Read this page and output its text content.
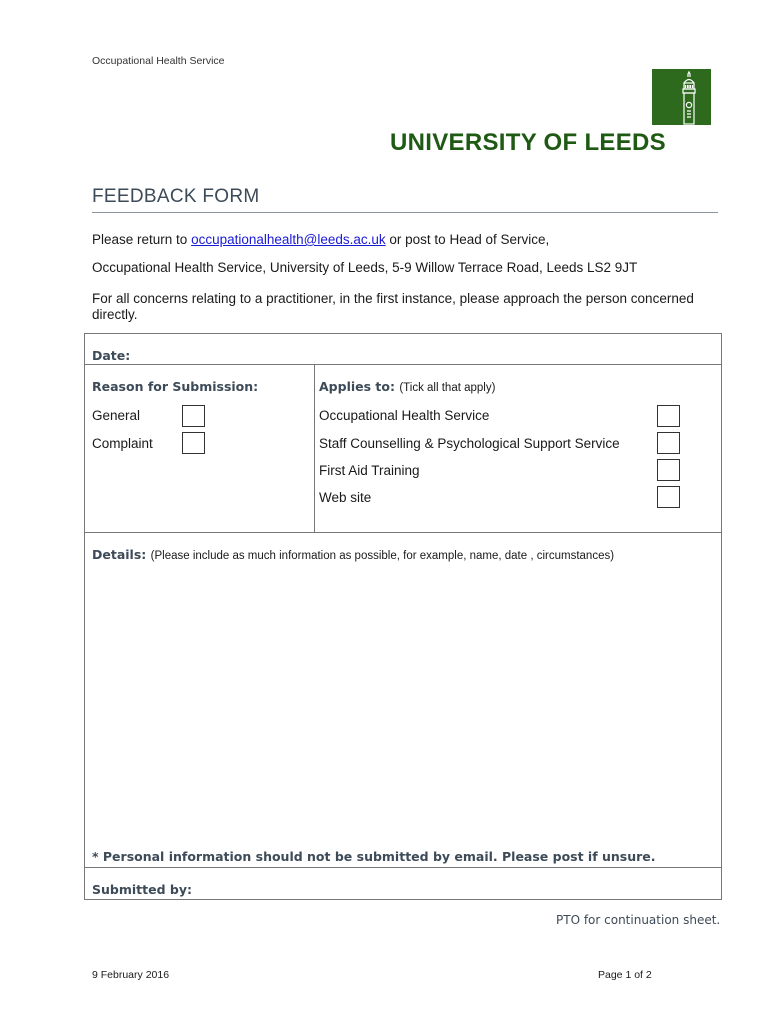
Occupational Health Service
UNIVERSITY OF LEEDS
FEEDBACK FORM
Please return to occupationalhealth@leeds.ac.uk or post to Head of Service,
Occupational Health Service, University of Leeds, 5-9 Willow Terrace Road, Leeds LS2 9JT
For all concerns relating to a practitioner, in the first instance, please approach the person concerned directly.
Date:
Reason for Submission:
General
Complaint
Applies to: (Tick all that apply)
Occupational Health Service
Staff Counselling & Psychological Support Service
First Aid Training
Web site
Details: (Please include as much information as possible, for example, name, date , circumstances)
* Personal information should not be submitted by email. Please post if unsure.
Submitted by:
PTO for continuation sheet.
9 February 2016	Page 1 of 2
